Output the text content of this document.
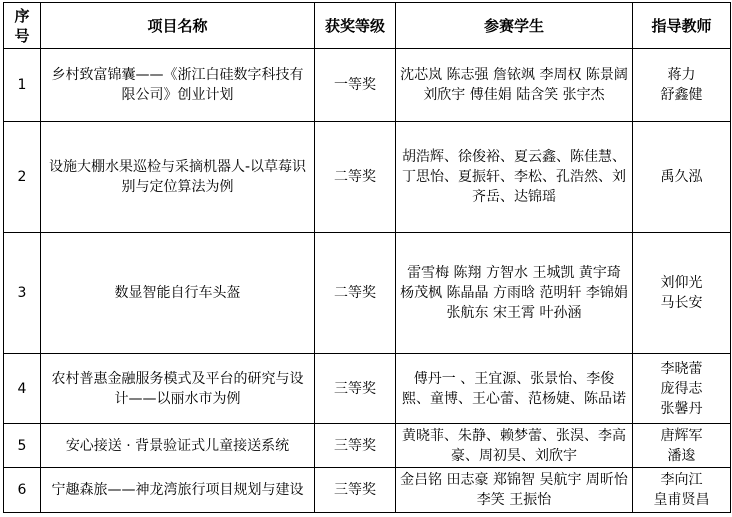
序号	项目名称	获奖等级	参赛学生	指导教师
1	乡村致富锦囊——《浙江白硅数字科技有限公司》创业计划	一等奖	沈芯岚 陈志强 詹铱飒 李周权 陈景阔 刘欣宇 傅佳娟 陆含笑 张宇杰	蒋力
舒鑫健

2	设施大棚水果巡检与采摘机器人-以草莓识别与定位算法为例	二等奖	胡浩辉、徐俊裕、夏云鑫、陈佳慧、丁思怡、夏振轩、李松、孔浩然、刘齐岳、达锦瑶	禹久泓

3	数显智能自行车头盔	二等奖	雷雪梅 陈翔 方智水 王城凯 黄宇琦 杨茂枫 陈晶晶 方雨晗 范明轩 李锦娟 张航东 宋王霄 叶孙涵	刘仰光
马长安

4	农村普惠金融服务模式及平台的研究与设计——以丽水市为例	三等奖	傅丹一 、王宜源、张景怡、李俊熙、童博、王心蕾、范杨婕、陈品诺	李晓蕾
庞得志
张馨丹

5	安心接送 · 背景验证式儿童接送系统	三等奖	黄晓菲、朱静、赖梦蕾、张淏、李高豪、周初昊、刘欣宇	唐辉军
潘逡

6	宁趣森旅——神龙湾旅行项目规划与建设	三等奖	金吕铭 田志豪 郑锦智 吴航宇 周昕怡 李笑 王振怡	李向江
皇甫贤昌
